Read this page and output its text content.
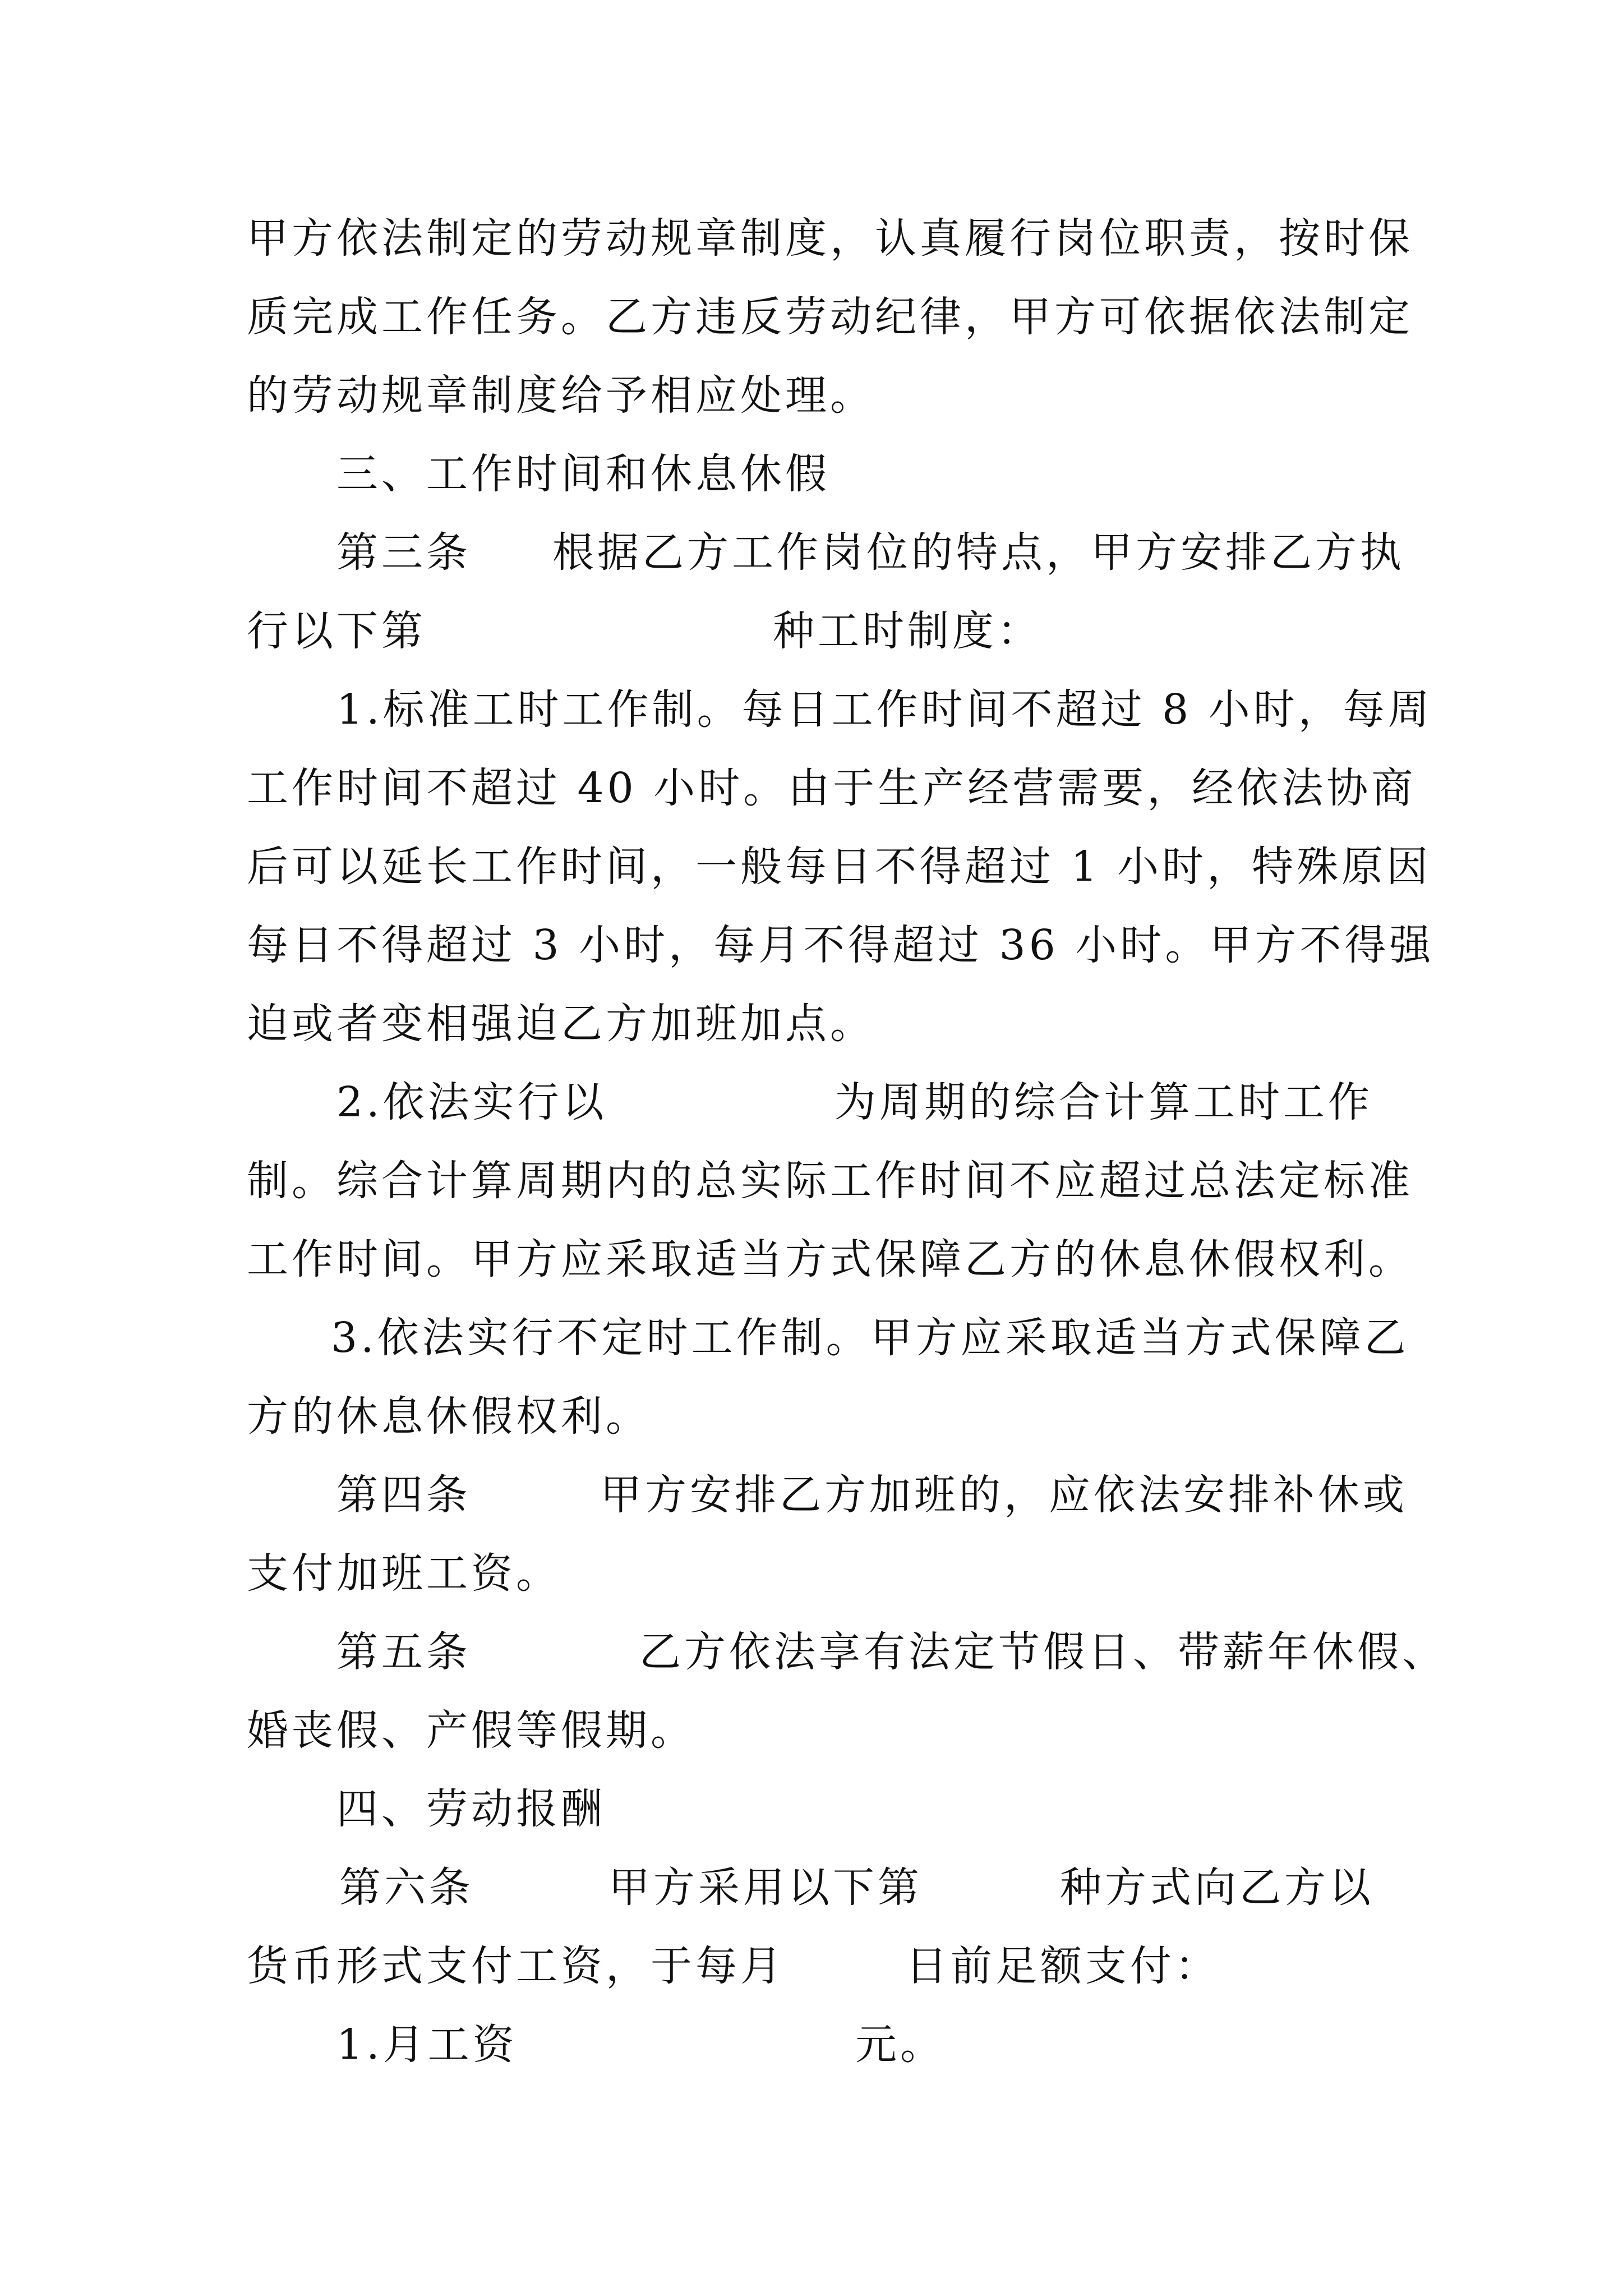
甲方依法制定的劳动规章制度，认真履行岗位职责，按时保
质完成工作任务。乙方违反劳动纪律，甲方可依据依法制定
的劳动规章制度给予相应处理。
三、工作时间和休息休假
第三条 根据乙方工作岗位的特点，甲方安排乙方执
行以下第	种工时制度：
1.标准工时工作制。每日工作时间不超过 8 小时，每周
工作时间不超过 40 小时。由于生产经营需要，经依法协商
后可以延长工作时间，一般每日不得超过 1 小时，特殊原因
每日不得超过 3 小时，每月不得超过 36 小时。甲方不得强
迫或者变相强迫乙方加班加点。
2.依法实行以	为周期的综合计算工时工作
制。综合计算周期内的总实际工作时间不应超过总法定标准
工作时间。甲方应采取适当方式保障乙方的休息休假权利。
3.依法实行不定时工作制。甲方应采取适当方式保障乙
方的休息休假权利。
第四条	甲方安排乙方加班的，应依法安排补休或
支付加班工资。
第五条	乙方依法享有法定节假日、带薪年休假、
婚丧假、产假等假期。
四、劳动报酬
第六条	甲方采用以下第	种方式向乙方以
货币形式支付工资，于每月	日前足额支付：
1.月工资	元。
